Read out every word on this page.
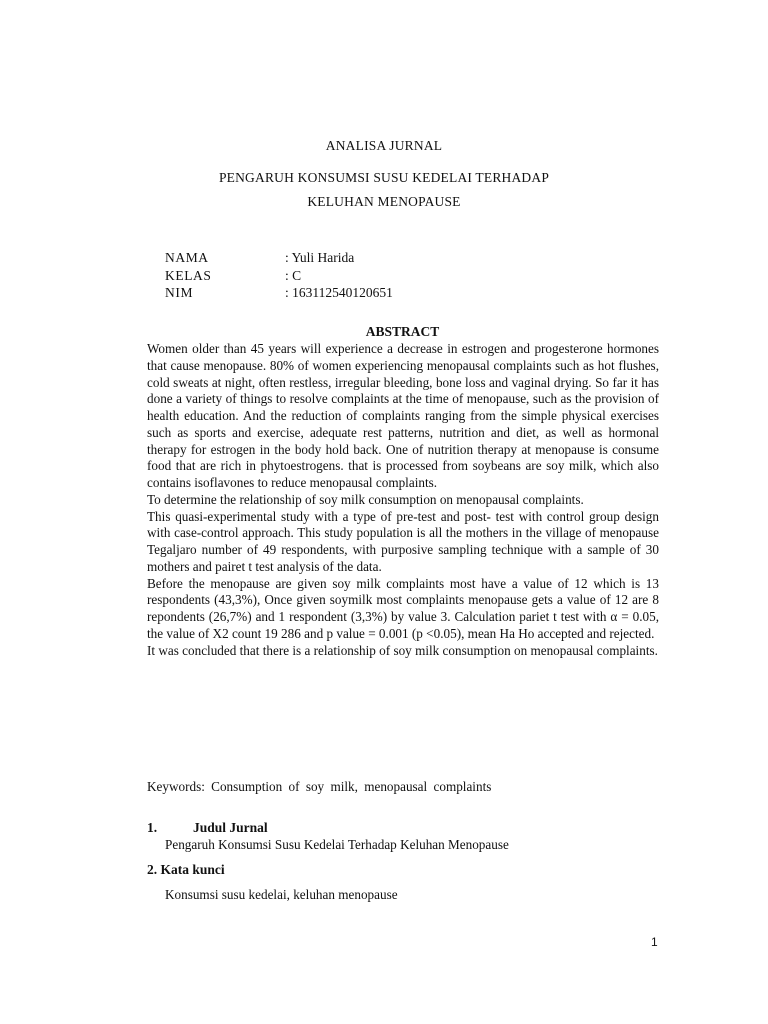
ANALISA JURNAL
PENGARUH KONSUMSI SUSU KEDELAI TERHADAP
KELUHAN MENOPAUSE
NAMA	: Yuli Harida
KELAS	: C
NIM	: 163112540120651
ABSTRACT

Women older than 45 years will experience a decrease in estrogen and progesterone hormones that cause menopause. 80% of women experiencing menopausal complaints such as hot flushes, cold sweats at night, often restless, irregular bleeding, bone loss and vaginal drying. So far it has done a variety of things to resolve complaints at the time of menopause, such as the provision of health education. And the reduction of complaints ranging from the simple physical exercises such as sports and exercise, adequate rest patterns, nutrition and diet, as well as hormonal therapy for estrogen in the body hold back. One of nutrition therapy at menopause is consume food that are rich in phytoestrogens. that is processed from soybeans are soy milk, which also contains isoflavones to reduce menopausal complaints.

To determine the relationship of soy milk consumption on menopausal complaints.

This quasi-experimental study with a type of pre-test and post- test with control group design with case-control approach. This study population is all the mothers in the village of menopause Tegaljaro number of 49 respondents, with purposive sampling technique with a sample of 30 mothers and pairet t test analysis of the data.

Before the menopause are given soy milk complaints most have a value of 12 which is 13 respondents (43,3%), Once given soymilk most complaints menopause gets a value of 12 are 8 repondents (26,7%) and 1 respondent (3,3%) by value 3. Calculation pariet t test with α = 0.05, the value of X2 count 19 286 and p value = 0.001 (p <0.05), mean Ha Ho accepted and rejected.

It was concluded that there is a relationship of soy milk consumption on menopausal complaints.

Keywords: Consumption of soy milk, menopausal complaints
1.	Judul Jurnal
Pengaruh Konsumsi Susu Kedelai Terhadap Keluhan Menopause
2. Kata kunci
Konsumsi susu kedelai, keluhan menopause
1
